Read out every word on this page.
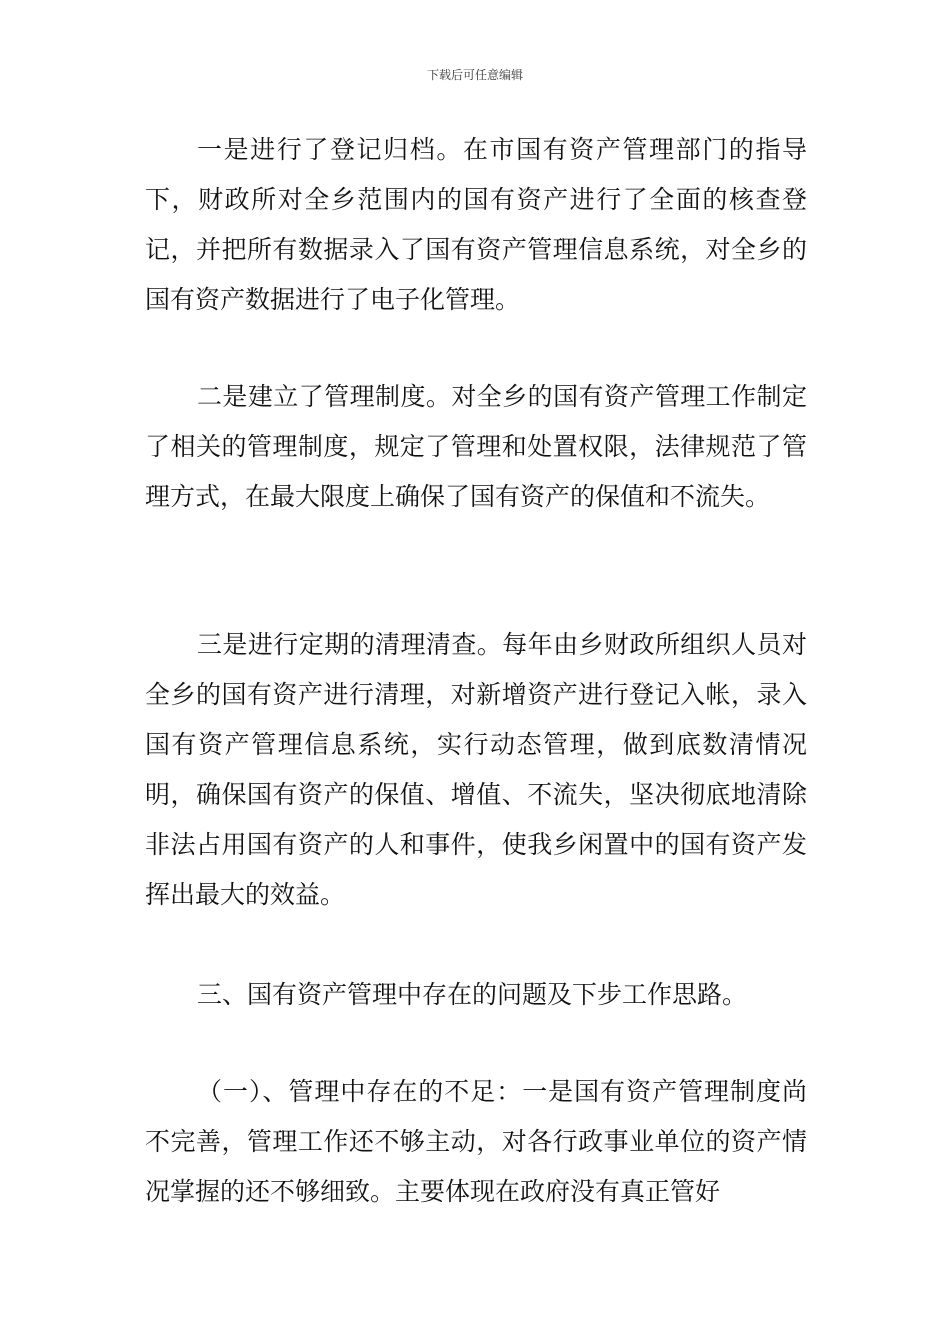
下载后可任意编辑

一是进行了登记归档。在市国有资产管理部门的指导下，财政所对全乡范围内的国有资产进行了全面的核查登记，并把所有数据录入了国有资产管理信息系统，对全乡的国有资产数据进行了电子化管理。

二是建立了管理制度。对全乡的国有资产管理工作制定了相关的管理制度，规定了管理和处置权限，法律规范了管理方式，在最大限度上确保了国有资产的保值和不流失。

三是进行定期的清理清查。每年由乡财政所组织人员对全乡的国有资产进行清理，对新增资产进行登记入帐，录入国有资产管理信息系统，实行动态管理，做到底数清情况明，确保国有资产的保值、增值、不流失，坚决彻底地清除非法占用国有资产的人和事件，使我乡闲置中的国有资产发挥出最大的效益。

三、国有资产管理中存在的问题及下步工作思路。

（一）、管理中存在的不足：一是国有资产管理制度尚不完善，管理工作还不够主动，对各行政事业单位的资产情况掌握的还不够细致。主要体现在政府没有真正管好
